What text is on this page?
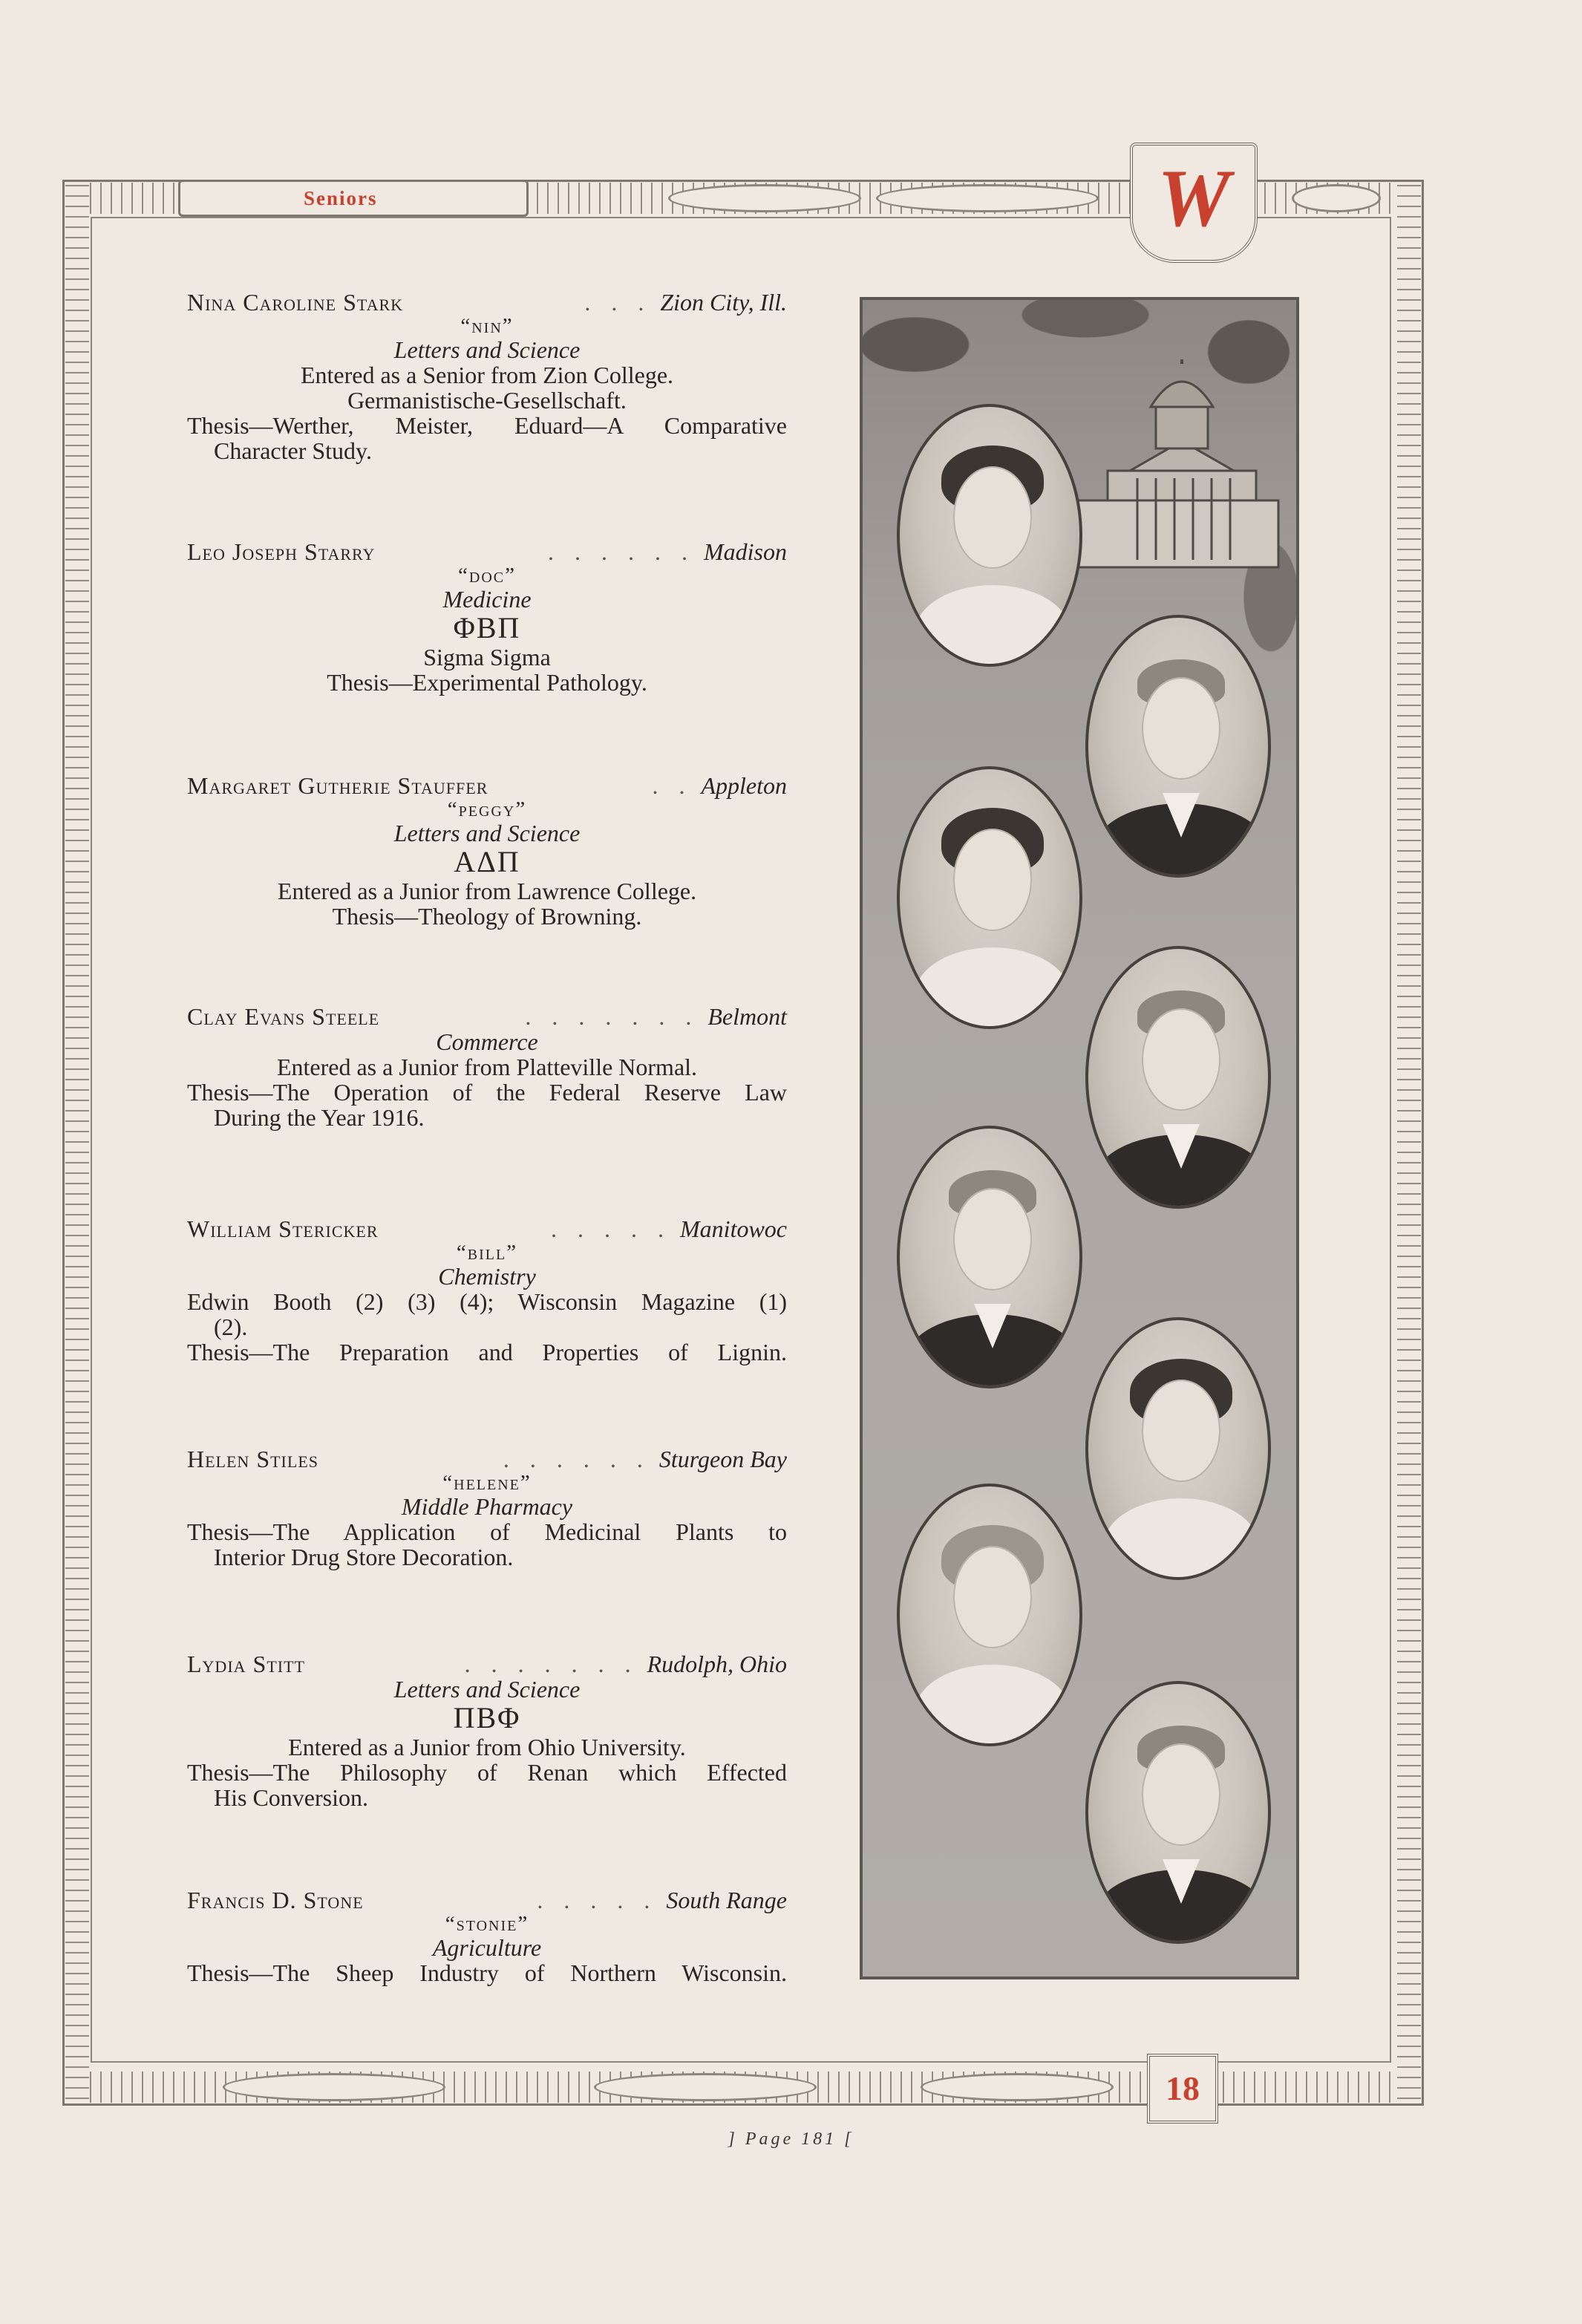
Seniors	W
18
Nina Caroline Stark	. . . Zion City, Ill.
“nin”
Letters and Science
Entered as a Senior from Zion College.
Germanistische-Gesellschaft.
Thesis—Werther, Meister, Eduard—A Comparative
Character Study.
Leo Joseph Starry	. . . . . . Madison
“doc”
Medicine
ΦΒΠ
Sigma Sigma
Thesis—Experimental Pathology.
Margaret Gutherie Stauffer	. . Appleton
“peggy”
Letters and Science
ΑΔΠ
Entered as a Junior from Lawrence College.
Thesis—Theology of Browning.
Clay Evans Steele	. . . . . . . Belmont
Commerce
Entered as a Junior from Platteville Normal.
Thesis—The Operation of the Federal Reserve Law
During the Year 1916.
William Stericker	. . . . . Manitowoc
“bill”
Chemistry
Edwin Booth (2) (3) (4); Wisconsin Magazine (1)
(2).
Thesis—The Preparation and Properties of Lignin.
Helen Stiles	. . . . . . Sturgeon Bay
“helene”
Middle Pharmacy
Thesis—The Application of Medicinal Plants to
Interior Drug Store Decoration.
Lydia Stitt	. . . . . . . Rudolph, Ohio
Letters and Science
ΠΒΦ
Entered as a Junior from Ohio University.
Thesis—The Philosophy of Renan which Effected
His Conversion.
Francis D. Stone	. . . . . South Range
“stonie”
Agriculture
Thesis—The Sheep Industry of Northern Wisconsin.
] Page 181 [
